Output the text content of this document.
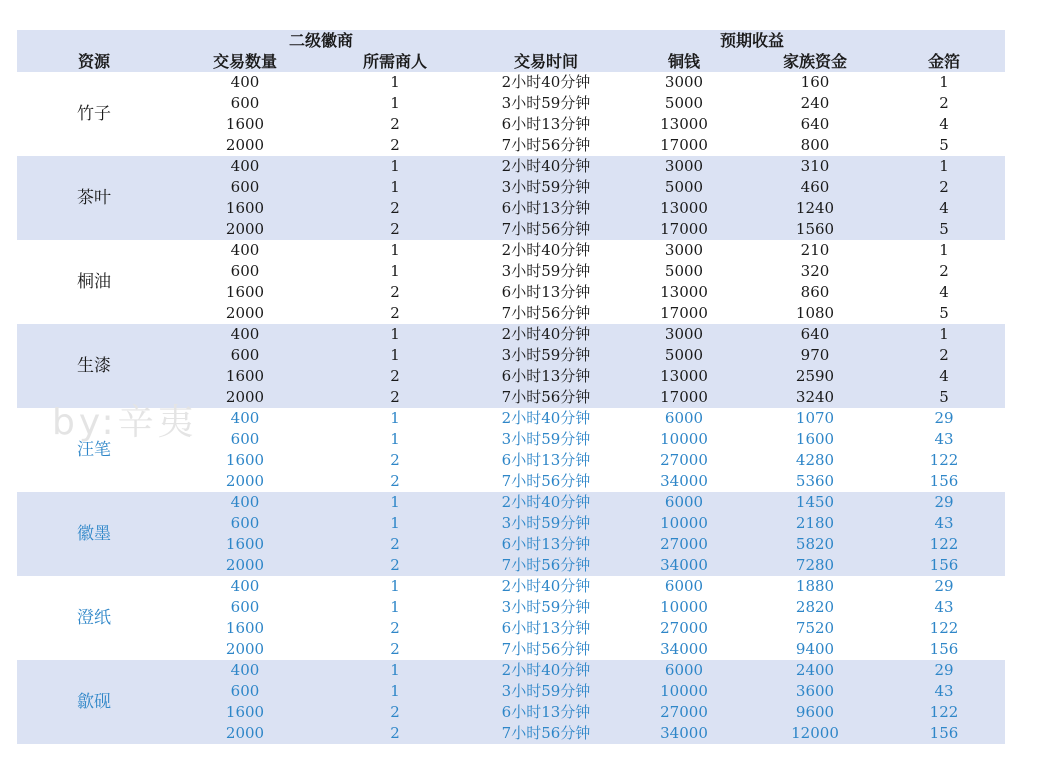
二级徽商	预期收益
资源	交易数量	所需商人	交易时间	铜钱	家族资金	金箔
竹子
400	1	2小时40分钟	3000	160	1
600	1	3小时59分钟	5000	240	2
1600	2	6小时13分钟	13000	640	4
2000	2	7小时56分钟	17000	800	5
茶叶
400	1	2小时40分钟	3000	310	1
600	1	3小时59分钟	5000	460	2
1600	2	6小时13分钟	13000	1240	4
2000	2	7小时56分钟	17000	1560	5
桐油
400	1	2小时40分钟	3000	210	1
600	1	3小时59分钟	5000	320	2
1600	2	6小时13分钟	13000	860	4
2000	2	7小时56分钟	17000	1080	5
生漆
400	1	2小时40分钟	3000	640	1
600	1	3小时59分钟	5000	970	2
1600	2	6小时13分钟	13000	2590	4
2000	2	7小时56分钟	17000	3240	5
汪笔
400	1	2小时40分钟	6000	1070	29
600	1	3小时59分钟	10000	1600	43
1600	2	6小时13分钟	27000	4280	122
2000	2	7小时56分钟	34000	5360	156
徽墨
400	1	2小时40分钟	6000	1450	29
600	1	3小时59分钟	10000	2180	43
1600	2	6小时13分钟	27000	5820	122
2000	2	7小时56分钟	34000	7280	156
澄纸
400	1	2小时40分钟	6000	1880	29
600	1	3小时59分钟	10000	2820	43
1600	2	6小时13分钟	27000	7520	122
2000	2	7小时56分钟	34000	9400	156
歙砚
400	1	2小时40分钟	6000	2400	29
600	1	3小时59分钟	10000	3600	43
1600	2	6小时13分钟	27000	9600	122
2000	2	7小时56分钟	34000	12000	156
by:辛夷
